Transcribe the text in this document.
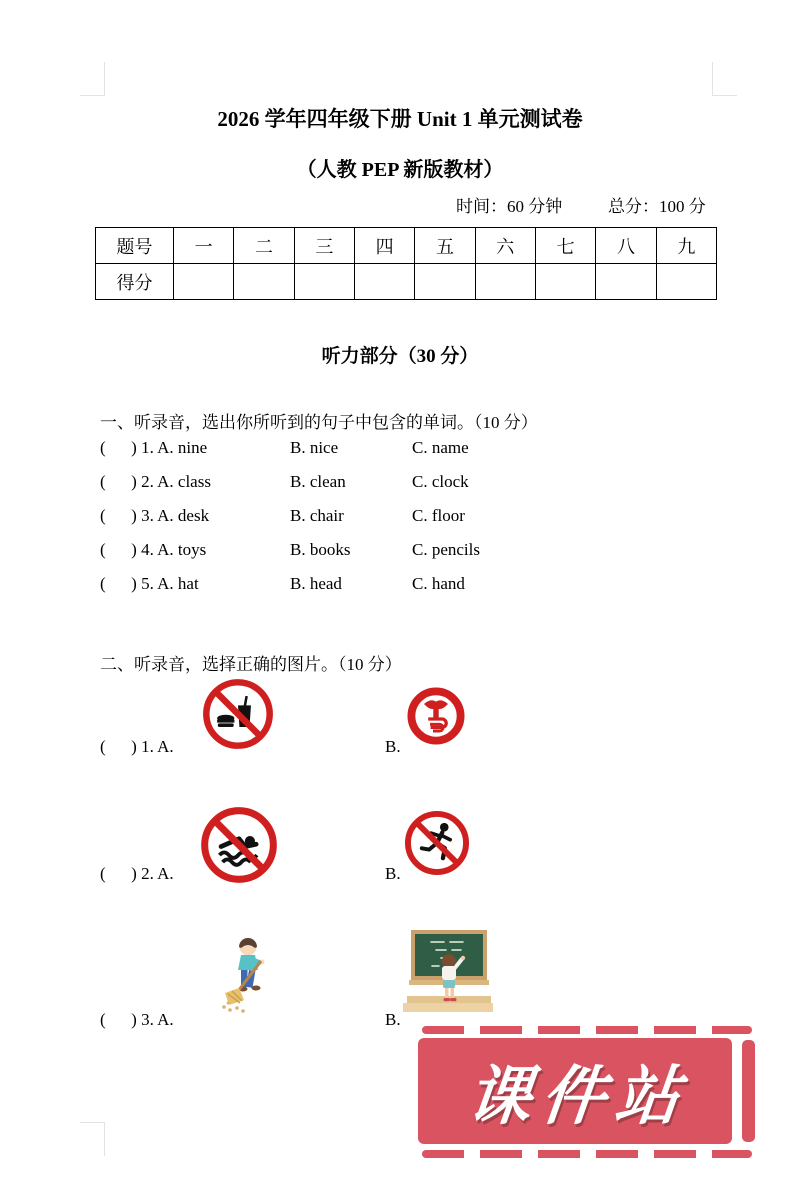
2026 学年四年级下册 Unit 1 单元测试卷
（人教 PEP 新版教材）
时间：60 分钟	总分：100 分
题号	一	二	三	四	五	六	七	八	九
得分									
听力部分（30 分）
一、听录音，选出你所听到的句子中包含的单词。（10 分）
(      ) 1. A. nine	B. nice	C. name
(      ) 2. A. class	B. clean	C. clock
(      ) 3. A. desk	B. chair	C. floor
(      ) 4. A. toys	B. books	C. pencils
(      ) 5. A. hat	B. head	C. hand
二、听录音，选择正确的图片。（10 分）
(      ) 1. A.	B.
(      ) 2. A.	B.
(      ) 3. A.	B.
课件站
